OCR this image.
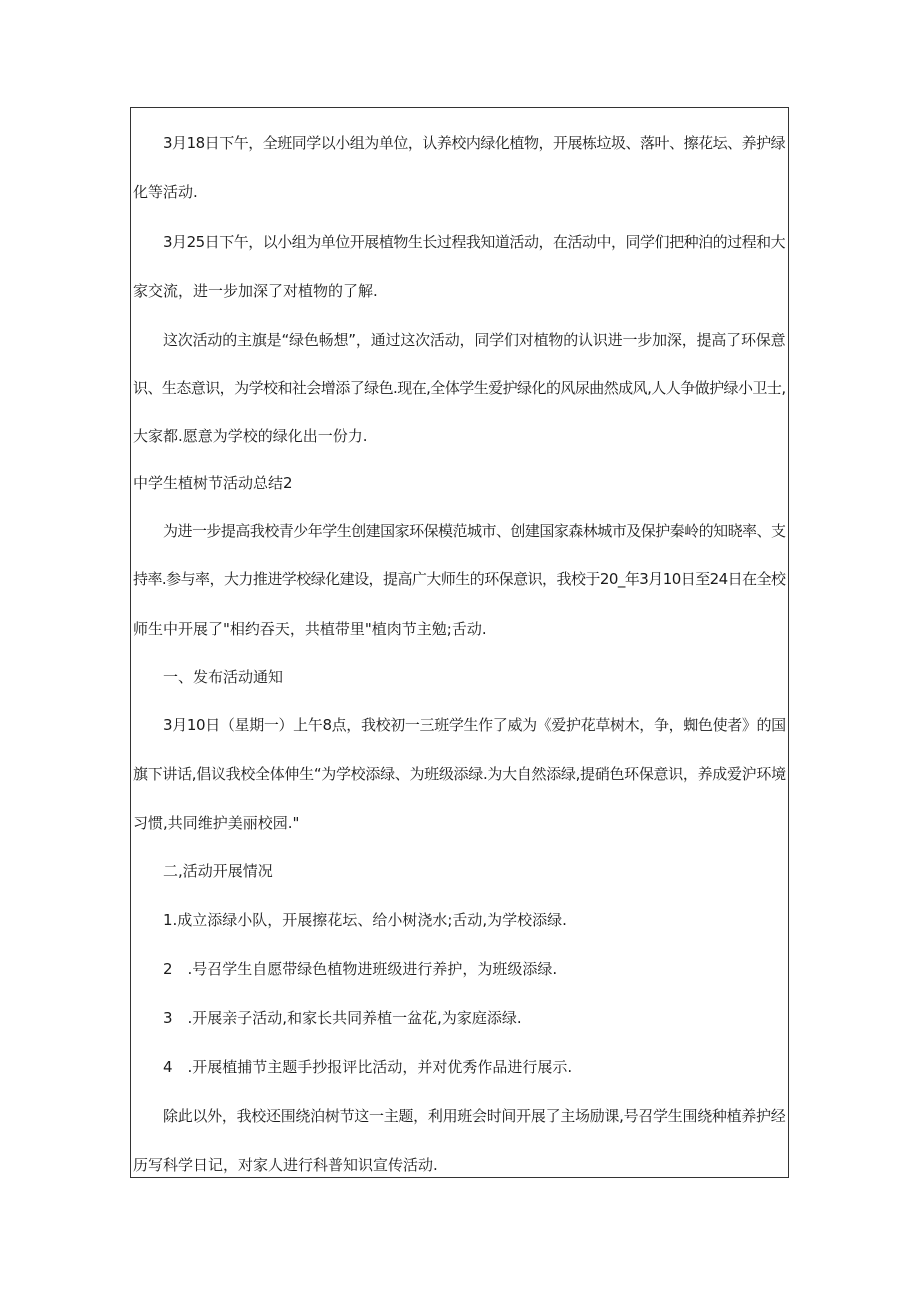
3月18日下午，全班同学以小组为单位，认养校内绿化植物，开展栋垃圾、落叶、擦花坛、养护绿
化等活动.
3月25日下午，以小组为单位开展植物生长过程我知道活动，在活动中，同学们把种泊的过程和大
家交流，进一步加深了对植物的了解.
这次活动的主旗是“绿色畅想”，通过这次活动，同学们对植物的认识进一步加深，提高了环保意
识、生态意识，为学校和社会增添了绿色.现在,全体学生爱护绿化的风尿曲然成风,人人争做护绿小卫士,
大家都.愿意为学校的绿化出一份力.
中学生植树节活动总结2
为进一步提高我校青少年学生创建国家环保模范城市、创建国家森林城市及保护秦岭的知晓率、支
持率.参与率，大力推进学校绿化建设，提高广大师生的环保意识，我校于20_年3月10日至24日在全校
师生中开展了"相约吞天，共植带里"植肉节主勉;舌动.
一、发布活动通知
3月10日（星期一）上午8点，我校初一三班学生作了威为《爱护花草树木，争，蜘色使者》的国
旗下讲话,倡议我校全体伸生“为学校添绿、为班级添绿.为大自然添绿,提硝色环保意识，养成爱沪环境
习惯,共同维护美丽校园."
二,活动开展情况
1.成立添绿小队，开展擦花坛、给小树浇水;舌动,为学校添绿.
2　.号召学生自愿带绿色植物进班级进行养护，为班级添绿.
3　.开展亲子活动,和家长共同养植一盆花,为家庭添绿.
4　.开展植捕节主题手抄报评比活动，并对优秀作品进行展示.
除此以外，我校还围绕泊树节这一主题，利用班会时间开展了主场励课,号召学生围绕种植养护经
历写科学日记，对家人进行科普知识宣传活动.
